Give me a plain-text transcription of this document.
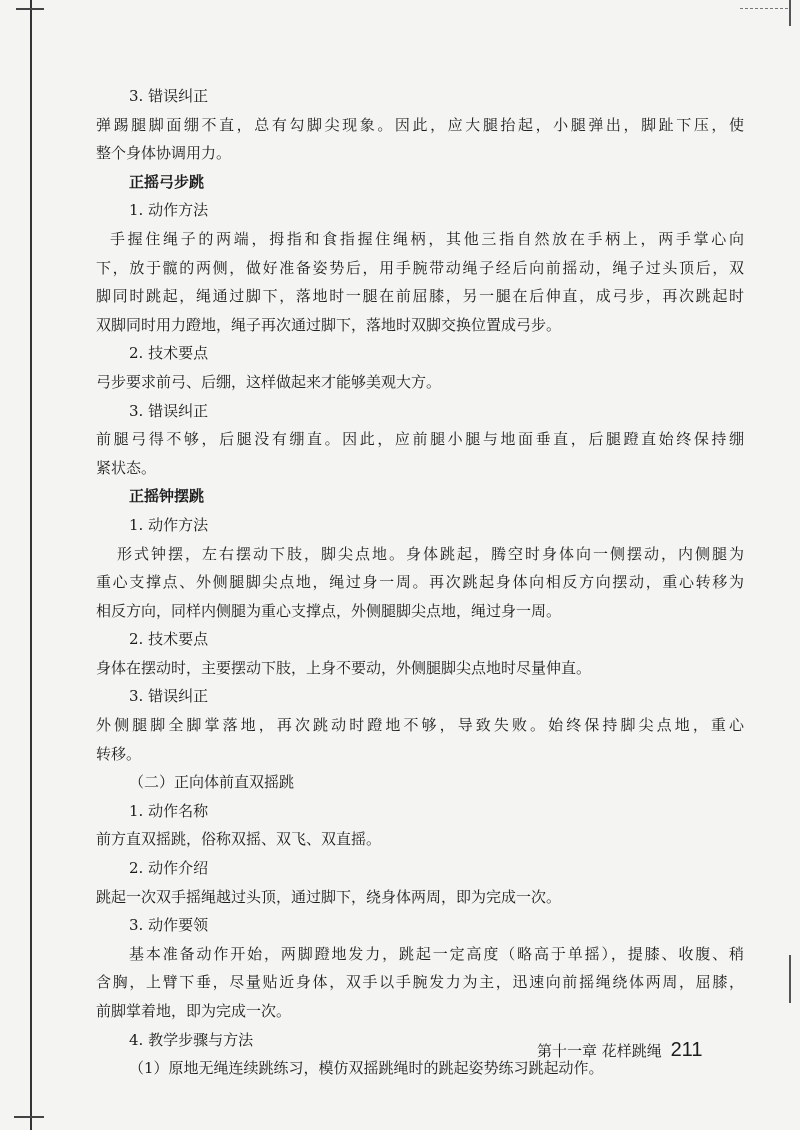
3. 错误纠正
弹踢腿脚面绷不直，总有勾脚尖现象。因此，应大腿抬起，小腿弹出，脚趾下压，使
整个身体协调用力。
正摇弓步跳
1. 动作方法
手握住绳子的两端，拇指和食指握住绳柄，其他三指自然放在手柄上，两手掌心向
下，放于髋的两侧，做好准备姿势后，用手腕带动绳子经后向前摇动，绳子过头顶后，双
脚同时跳起，绳通过脚下，落地时一腿在前屈膝，另一腿在后伸直，成弓步，再次跳起时
双脚同时用力蹬地，绳子再次通过脚下，落地时双脚交换位置成弓步。
2. 技术要点
弓步要求前弓、后绷，这样做起来才能够美观大方。
3. 错误纠正
前腿弓得不够，后腿没有绷直。因此，应前腿小腿与地面垂直，后腿蹬直始终保持绷
紧状态。
正摇钟摆跳
1. 动作方法
形式钟摆，左右摆动下肢，脚尖点地。身体跳起，腾空时身体向一侧摆动，内侧腿为
重心支撑点、外侧腿脚尖点地，绳过身一周。再次跳起身体向相反方向摆动，重心转移为
相反方向，同样内侧腿为重心支撑点，外侧腿脚尖点地，绳过身一周。
2. 技术要点
身体在摆动时，主要摆动下肢，上身不要动，外侧腿脚尖点地时尽量伸直。
3. 错误纠正
外侧腿脚全脚掌落地，再次跳动时蹬地不够，导致失败。始终保持脚尖点地，重心
转移。
（二）正向体前直双摇跳
1. 动作名称
前方直双摇跳，俗称双摇、双飞、双直摇。
2. 动作介绍
跳起一次双手摇绳越过头顶，通过脚下，绕身体两周，即为完成一次。
3. 动作要领
基本准备动作开始，两脚蹬地发力，跳起一定高度（略高于单摇），提膝、收腹、稍
含胸，上臂下垂，尽量贴近身体，双手以手腕发力为主，迅速向前摇绳绕体两周，屈膝，
前脚掌着地，即为完成一次。
4. 教学步骤与方法
（1）原地无绳连续跳练习，模仿双摇跳绳时的跳起姿势练习跳起动作。
第十一章 花样跳绳 211
